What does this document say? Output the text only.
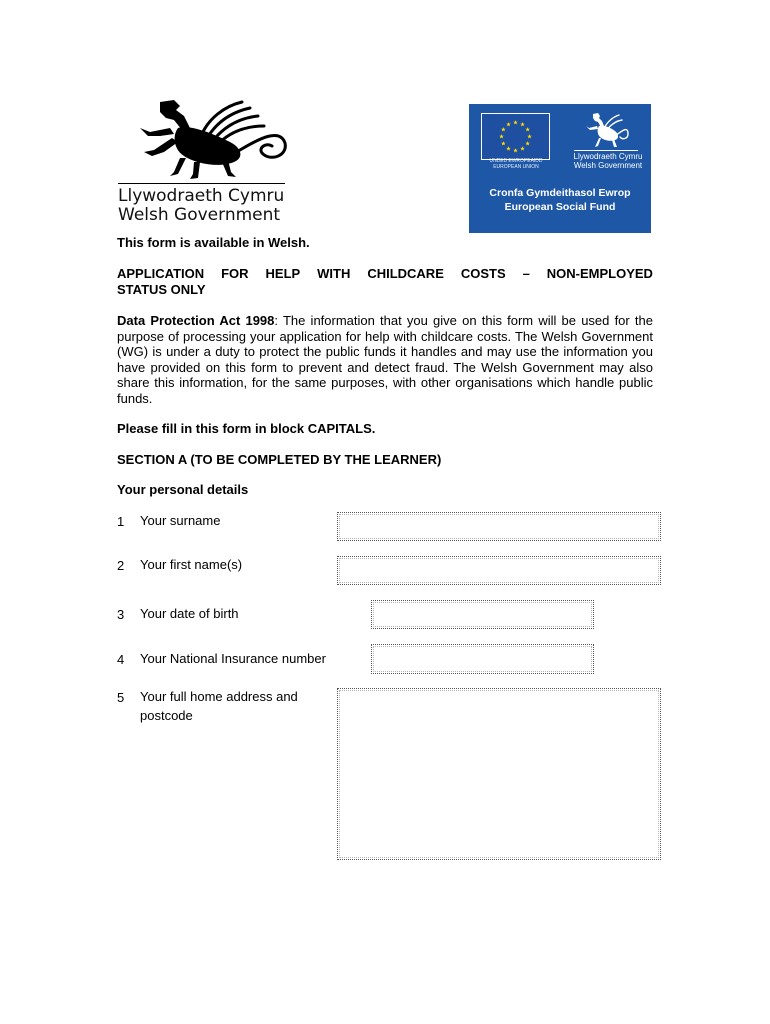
Llywodraeth Cymru
Welsh Government
UNDEB EWROPEAIDD
EUROPEAN UNION
Llywodraeth Cymru
Welsh Government
Cronfa Gymdeithasol Ewrop
European Social Fund
This form is available in Welsh.
APPLICATION FOR HELP WITH CHILDCARE COSTS – NON-EMPLOYED
STATUS ONLY
Data Protection Act 1998: The information that you give on this form will be used for the purpose of processing your application for help with childcare costs. The Welsh Government (WG) is under a duty to protect the public funds it handles and may use the information you have provided on this form to prevent and detect fraud. The Welsh Government may also share this information, for the same purposes, with other organisations which handle public funds.
Please fill in this form in block CAPITALS.
SECTION A (TO BE COMPLETED BY THE LEARNER)
Your personal details
1 Your surname
2 Your first name(s)
3 Your date of birth
4 Your National Insurance number
5 Your full home address and
postcode
